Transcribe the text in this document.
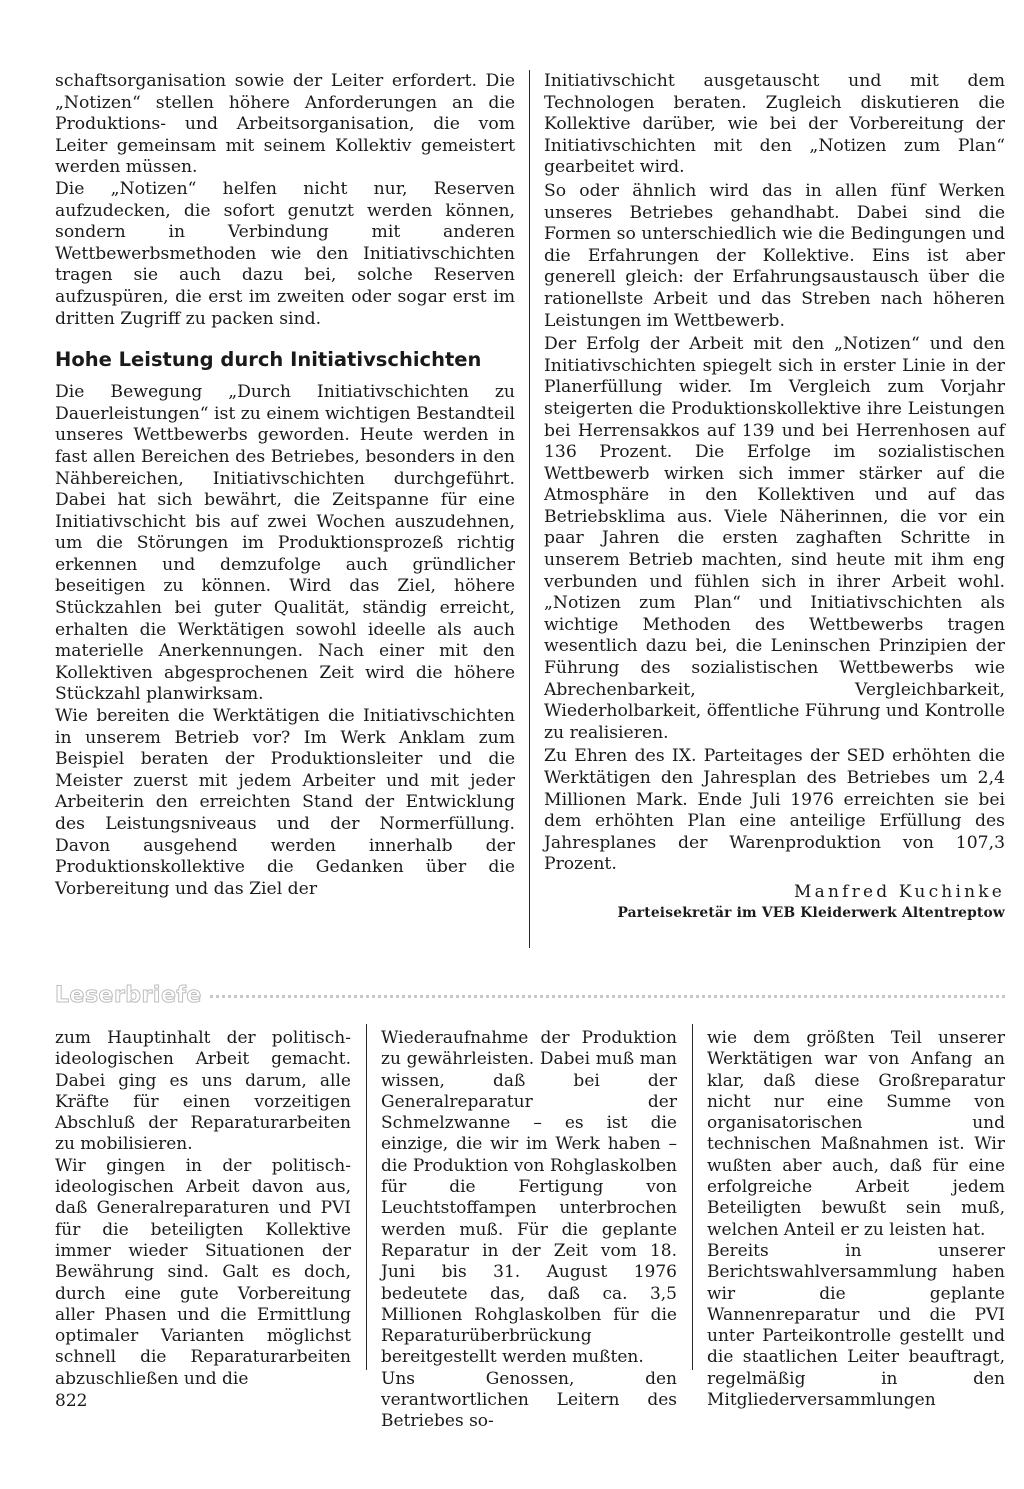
schaftsorganisation sowie der Leiter erfordert. Die „Notizen“ stellen höhere Anforderungen an die Produktions- und Arbeitsorganisation, die vom Leiter gemeinsam mit seinem Kollektiv gemeistert werden müssen.

Die „Notizen“ helfen nicht nur, Reserven aufzudecken, die sofort genutzt werden können, sondern in Verbindung mit anderen Wettbewerbsmethoden wie den Initiativschichten tragen sie auch dazu bei, solche Reserven aufzuspüren, die erst im zweiten oder sogar erst im dritten Zugriff zu packen sind.

Hohe Leistung durch Initiativschichten

Die Bewegung „Durch Initiativschichten zu Dauerleistungen“ ist zu einem wichtigen Bestandteil unseres Wettbewerbs geworden. Heute werden in fast allen Bereichen des Betriebes, besonders in den Nähbereichen, Initiativschichten durchgeführt. Dabei hat sich bewährt, die Zeitspanne für eine Initiativschicht bis auf zwei Wochen auszudehnen, um die Störungen im Produktionsprozeß richtig erkennen und demzufolge auch gründlicher beseitigen zu können. Wird das Ziel, höhere Stückzahlen bei guter Qualität, ständig erreicht, erhalten die Werktätigen sowohl ideelle als auch materielle Anerkennungen. Nach einer mit den Kollektiven abgesprochenen Zeit wird die höhere Stückzahl planwirksam.

Wie bereiten die Werktätigen die Initiativschichten in unserem Betrieb vor? Im Werk Anklam zum Beispiel beraten der Produktionsleiter und die Meister zuerst mit jedem Arbeiter und mit jeder Arbeiterin den erreichten Stand der Entwicklung des Leistungsniveaus und der Normerfüllung. Davon ausgehend werden innerhalb der Produktionskollektive die Gedanken über die Vorbereitung und das Ziel der

Initiativschicht ausgetauscht und mit dem Technologen beraten. Zugleich diskutieren die Kollektive darüber, wie bei der Vorbereitung der Initiativschichten mit den „Notizen zum Plan“ gearbeitet wird.

So oder ähnlich wird das in allen fünf Werken unseres Betriebes gehandhabt. Dabei sind die Formen so unterschiedlich wie die Bedingungen und die Erfahrungen der Kollektive. Eins ist aber generell gleich: der Erfahrungsaustausch über die rationellste Arbeit und das Streben nach höheren Leistungen im Wettbewerb.

Der Erfolg der Arbeit mit den „Notizen“ und den Initiativschichten spiegelt sich in erster Linie in der Planerfüllung wider. Im Vergleich zum Vorjahr steigerten die Produktionskollektive ihre Leistungen bei Herrensakkos auf 139 und bei Herrenhosen auf 136 Prozent. Die Erfolge im sozialistischen Wettbewerb wirken sich immer stärker auf die Atmosphäre in den Kollektiven und auf das Betriebsklima aus. Viele Näherinnen, die vor ein paar Jahren die ersten zaghaften Schritte in unserem Betrieb machten, sind heute mit ihm eng verbunden und fühlen sich in ihrer Arbeit wohl. „Notizen zum Plan“ und Initiativschichten als wichtige Methoden des Wettbewerbs tragen wesentlich dazu bei, die Leninschen Prinzipien der Führung des sozialistischen Wettbewerbs wie Abrechenbarkeit, Vergleichbarkeit, Wiederholbarkeit, öffentliche Führung und Kontrolle zu realisieren.

Zu Ehren des IX. Parteitages der SED erhöhten die Werktätigen den Jahresplan des Betriebes um 2,4 Millionen Mark. Ende Juli 1976 erreichten sie bei dem erhöhten Plan eine anteilige Erfüllung des Jahresplanes der Warenproduktion von 107,3 Prozent.

Manfred Kuchinke

Parteisekretär im VEB Kleiderwerk Altentreptow

Leserbriefe

zum Hauptinhalt der politisch-ideologischen Arbeit gemacht. Dabei ging es uns darum, alle Kräfte für einen vorzeitigen Abschluß der Reparaturarbeiten zu mobilisieren.

Wir gingen in der politisch-ideologischen Arbeit davon aus, daß Generalreparaturen und PVI für die beteiligten Kollektive immer wieder Situationen der Bewährung sind. Galt es doch, durch eine gute Vorbereitung aller Phasen und die Ermittlung optimaler Varianten möglichst schnell die Reparaturarbeiten abzuschließen und die

Wiederaufnahme der Produktion zu gewährleisten. Dabei muß man wissen, daß bei der Generalreparatur der Schmelzwanne – es ist die einzige, die wir im Werk haben – die Produktion von Rohglaskolben für die Fertigung von Leuchtstoffampen unterbrochen werden muß. Für die geplante Reparatur in der Zeit vom 18. Juni bis 31. August 1976 bedeutete das, daß ca. 3,5 Millionen Rohglaskolben für die Reparaturüberbrückung bereitgestellt werden mußten.

Uns Genossen, den verantwortlichen Leitern des Betriebes so-

wie dem größten Teil unserer Werktätigen war von Anfang an klar, daß diese Großreparatur nicht nur eine Summe von organisatorischen und technischen Maßnahmen ist. Wir wußten aber auch, daß für eine erfolgreiche Arbeit jedem Beteiligten bewußt sein muß, welchen Anteil er zu leisten hat.

Bereits in unserer Berichtswahlversammlung haben wir die geplante Wannenreparatur und die PVI unter Parteikontrolle gestellt und die staatlichen Leiter beauftragt, regelmäßig in den Mitgliederversammlungen

822
